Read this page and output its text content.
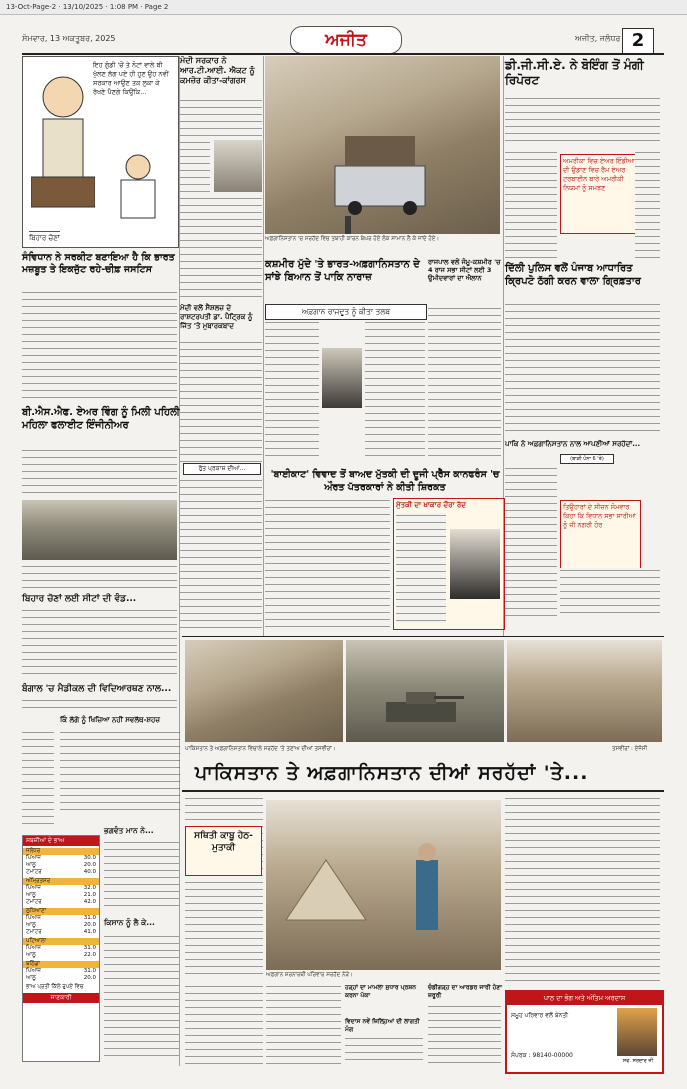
13-Oct-Page-2 · 13/10/2025 · 1:08 PM · Page 2
ਸੋਮਵਾਰ, 13 ਅਕਤੂਬਰ, 2025	ਅਜੀਤ	ਅਜੀਤ, ਜਲੰਧਰ 2
ਇਹ ਗੁੰਡੀ 'ਚੋਂ ਤੇ ਨੋਟਾਂ ਵਾਲੇ ਬੀ ਖੁੱਲਣ ਲੱਗ ਪਏ ਹੀ ਹੁਣ ਉਹ ਨਵੀਂ ਸਰਕਾਰ ਆਉਣ ਤਕ ਲੁਕਾ ਕੇ ਰੱਖਣੇ ਪੈਣਗੇ ਕਿਉਂਕਿ...
ਬਿਹਾਰ ਚੋਣਾਂ
ਸੰਵਿਧਾਨ ਨੇ ਸਰਕੀਟ ਬਣਾਇਆ ਹੈ ਕਿ ਭਾਰਤ ਮਜ਼ਬੂਤ ਤੇ ਇਕਜੁੱਟ ਰਹੇ-ਚੀਫ਼ ਜਸਟਿਸ
ਬੀ.ਐਸ.ਐਫ. ਏਅਰ ਵਿੰਗ ਨੂੰ ਮਿਲੀ ਪਹਿਲੀ ਮਹਿਲਾ ਫਲਾਈਟ ਇੰਜੀਨੀਅਰ
ਬਿਹਾਰ ਚੋਣਾਂ ਲਈ ਸੀਟਾਂ ਦੀ ਵੰਡ...
ਬੰਗਾਲ 'ਚ ਮੈਡੀਕਲ ਦੀ ਵਿਦਿਆਰਥਣ ਨਾਲ...
ਮੋਦੀ ਸਰਕਾਰ ਨੇ ਆਰ.ਟੀ.ਆਈ. ਐਕਟ ਨੂੰ ਕਮਜ਼ੋਰ ਕੀਤਾ-ਕਾਂਗਰਸ
ਮੋਦੀ ਵਲੋਂ ਸੈਸ਼ਲਜ਼ ਦੇ ਰਾਸ਼ਟਰਪਤੀ ਡਾ. ਪੈਟ੍ਰਿਕ ਨੂੰ ਜਿੱਤ 'ਤੇ ਮੁਬਾਰਕਬਾਦ
ਰੁੱਤ ਪ੍ਰਕਾਸ਼ ਦੀਆਂ...
ਅਫ਼ਗਾਨਿਸਤਾਨ 'ਚ ਸਰਹੱਦ ਵਿਚ ਤਬਾਹੀ ਕਾਰਨ ਬੇਘਰ ਹੋਏ ਲੋਕ ਸਾਮਾਨ ਲੈ ਕੇ ਜਾਂਦੇ ਹੋਏ।
ਕਸ਼ਮੀਰ ਮੁੱਦੇ 'ਤੇ ਭਾਰਤ-ਅਫ਼ਗਾਨਿਸਤਾਨ ਦੇ ਸਾਂਝੇ ਬਿਆਨ ਤੋਂ ਪਾਕਿ ਨਾਰਾਜ਼
ਅਫ਼ਗਾਨ ਰਾਜਦੂਤ ਨੂੰ ਕੀਤਾ ਤਲਬ
ਰਾਜਪਾਲ ਵਲੋਂ ਜੰਮੂ-ਕਸ਼ਮੀਰ 'ਚ 4 ਰਾਜ ਸਭਾ ਸੀਟਾਂ ਲਈ 3 ਉਮੀਦਵਾਰਾਂ ਦਾ ਐਲਾਨ
ਡੀ.ਜੀ.ਸੀ.ਏ. ਨੇ ਬੋਇੰਗ ਤੋਂ ਮੰਗੀ ਰਿਪੋਰਟ
ਅਮਰੀਕਾ ਵਿਚ ਏਅਰ ਇੰਡੀਆ ਦੀ ਉਡਾਣ ਵਿਚ ਰੈਮ ਏਅਰ ਟਰਬਾਈਨ ਬਾਰੇ ਅਮਰੀਕੀ ਨਿਯਮਾਂ ਨੂੰ ਸਮਝਣ
ਦਿੱਲੀ ਪੁਲਿਸ ਵਲੋਂ ਪੰਜਾਬ ਆਧਾਰਿਤ ਕ੍ਰਿਪਟੋ ਠੱਗੀ ਕਰਨ ਵਾਲਾ ਗ੍ਰਿਫ਼ਤਾਰ
ਪਾਕਿ ਨੇ ਅਫ਼ਗਾਨਿਸਤਾਨ ਨਾਲ ਆਪਣੀਆਂ ਸਰਹੱਦਾਂ...
(ਬਾਕੀ ਪੰਨਾ 6 'ਤੇ)
ਤਿਉਹਾਰਾਂ ਦੇ ਸੀਜ਼ਨ ਸੋਮਵਾਰ ਕਿਹਾ ਕਿ ਵਿਧਾਨ ਸਭਾ ਸਾਰੀਆਂ ਨੂੰ ਜੀ ਨਗਰੀ ਹੋਰ
'ਬਾਈਕਾਟ' ਵਿਵਾਦ ਤੋਂ ਬਾਅਦ ਮੁੱਤਕੀ ਦੀ ਦੂਜੀ ਪ੍ਰੈੱਸ ਕਾਨਫਰੰਸ 'ਚ ਔਰਤ ਪੱਤਰਕਾਰਾਂ ਨੇ ਕੀਤੀ ਸ਼ਿਰਕਤ
ਮੁੱਤਕੀ ਦਾ ਖ਼ਾਕਾਰ ਦੌਰਾ ਰੱਦ
ਪਾਕਿਸਤਾਨ ਤੇ ਅਫ਼ਗਾਨਿਸਤਾਨ ਵਿਚਾਲੇ ਸਰਹੱਦ 'ਤੇ ਤਣਾਅ ਦੀਆਂ ਤਸਵੀਰਾਂ।	ਤਸਵੀਰਾਂ : ਏਜੰਸੀ
ਪਾਕਿਸਤਾਨ ਤੇ ਅਫ਼ਗਾਨਿਸਤਾਨ ਦੀਆਂ ਸਰਹੱਦਾਂ 'ਤੇ...
ਸਥਿਤੀ ਕਾਬੂ ਹੇਠ-ਮੁਤਾਕੀ
ਅਫ਼ਗਾਨ ਸ਼ਰਨਾਰਥੀ ਪਰਿਵਾਰ ਸਰਹੱਦ ਨੇੜੇ।
ਹੜ੍ਹਾਂ ਦਾ ਮਾਮਲਾ ਸੁਧਾਰ ਪ੍ਰਸ਼ਨ ਕਰਨਾ ਪੱਕਾ
ਵਿਦਾਸ ਨਵੇਂ ਜ਼ਿਲ੍ਹਿਆਂ ਦੀ ਲਾਗਤੀ ਮੰਗ
ਚੰਡੀਗੜ੍ਹ ਦਾ ਆਰਡਰ ਜਾਰੀ ਹੋਣਾ ਜ਼ਰੂਰੀ
ਕਿੰ ਲੱਗੇ ਨੂੰ ਖਿਜ਼ਿਆ ਨਹੀਂ ਸਵਲੱਥ-ਸ਼ਹਜ਼
ਭਗਵੰਤ ਮਾਨ ਨੇ...
ਕਿਸਾਨ ਨੂੰ ਲੈ ਕੇ...
ਸਬਜ਼ੀਆਂ ਦੇ ਭਾਅ
ਜਲੰਧਰ
ਪਿਆਜ਼	30.0
ਆਲੂ	20.0
ਟਮਾਟਰ	40.0
ਅੰਮ੍ਰਿਤਸਰ
ਪਿਆਜ਼	32.0
ਆਲੂ	21.0
ਟਮਾਟਰ	42.0
ਲੁਧਿਆਣਾ
ਪਿਆਜ਼	31.0
ਆਲੂ	20.0
ਟਮਾਟਰ	41.0
ਪਟਿਆਲਾ
ਪਿਆਜ਼	31.0
ਆਲੂ	22.0
ਬਠਿੰਡਾ
ਪਿਆਜ਼	31.0
ਆਲੂ	20.0
ਭਾਅ ਪ੍ਰਤੀ ਕਿੱਲੋ ਰੁਪਏ ਵਿਚ
ਜਾਣਕਾਰੀ	ਪਾਠ ਦਾ ਭੋਗ ਅਤੇ ਅੰਤਿਮ ਅਰਦਾਸ
ਸਮੂਹ ਪਰਿਵਾਰ ਵਲੋਂ ਬੇਨਤੀ
ਸੰਪਰਕ : 98140-00000
ਸਵ. ਸਰਦਾਰ ਜੀ
